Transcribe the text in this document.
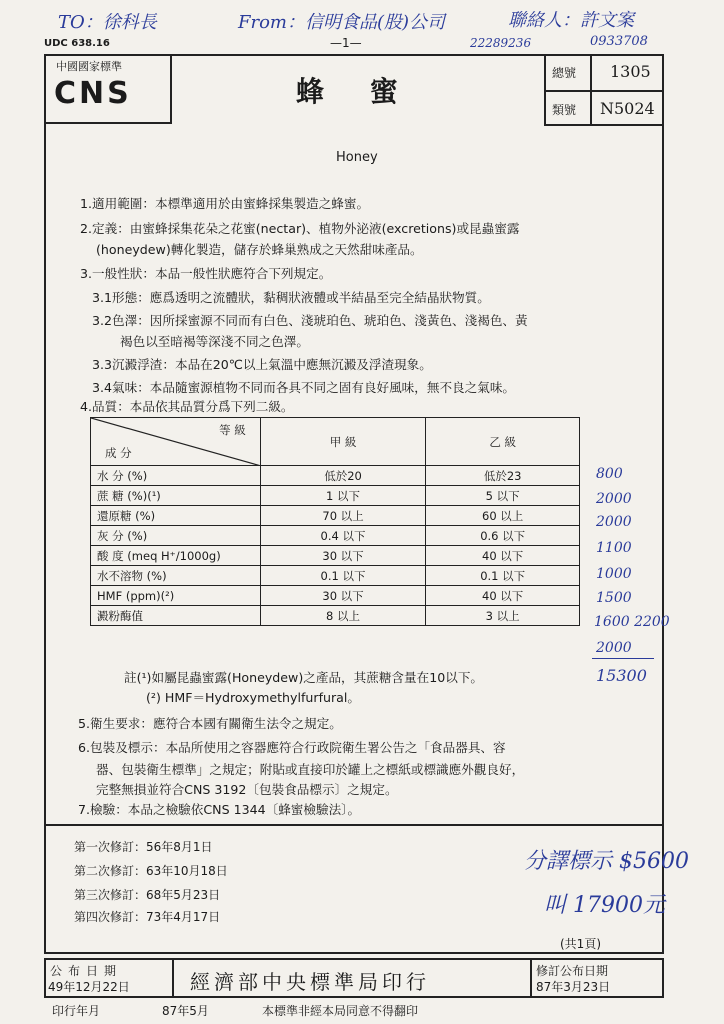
TO：徐科長	From：信明食品(股)公司	聯絡人：許文案
22289236	0933708
UDC 638.16	—1—
中國國家標準
CNS	蜂 蜜
總號 1305
類號 N5024
Honey
1.適用範圍：本標準適用於由蜜蜂採集製造之蜂蜜。
2.定義：由蜜蜂採集花朵之花蜜(nectar)、植物外泌液(excretions)或昆蟲蜜露
(honeydew)轉化製造，儲存於蜂巢熟成之天然甜味產品。
3.一般性狀：本品一般性狀應符合下列規定。
3.1形態：應爲透明之流體狀，黏稠狀液體或半結晶至完全結晶狀物質。
3.2色澤：因所採蜜源不同而有白色、淺琥珀色、琥珀色、淺黃色、淺褐色、黃
褐色以至暗褐等深淺不同之色澤。
3.3沉澱浮渣：本品在20℃以上氣溫中應無沉澱及浮渣現象。
3.4氣味：本品隨蜜源植物不同而各具不同之固有良好風味，無不良之氣味。
4.品質：本品依其品質分爲下列二級。
等 級
成 分	甲 級	乙 級
水 分 (%)	低於20	低於23
蔗 糖 (%)(¹)	1 以下	5 以下
還原糖 (%)	70 以上	60 以上
灰 分 (%)	0.4 以下	0.6 以下
酸 度 (meq H⁺/1000g)	30 以下	40 以下
水不溶物 (%)	0.1 以下	0.1 以下
HMF (ppm)(²)	30 以下	40 以下
澱粉酶值	8 以上	3 以上
800
2000
2000
1100
1000
1500
1600 2200
2000
15300
註(¹)如屬昆蟲蜜露(Honeydew)之產品，其蔗糖含量在10以下。
(²) HMF＝Hydroxymethylfurfural。
5.衛生要求：應符合本國有關衛生法令之規定。
6.包裝及標示：本品所使用之容器應符合行政院衛生署公告之「食品器具、容
器、包裝衛生標準」之規定；附貼或直接印於罐上之標紙或標識應外觀良好，
完整無損並符合CNS 3192〔包裝食品標示〕之規定。
7.檢驗：本品之檢驗依CNS 1344〔蜂蜜檢驗法〕。
第一次修訂：56年8月1日
第二次修訂：63年10月18日
第三次修訂：68年5月23日
第四次修訂：73年4月17日
分譯標示 $5600
叫 17900元
(共1頁)
公布日期
49年12月22日	經濟部中央標準局印行	修訂公布日期
87年3月23日
印行年月	87年5月	本標準非經本局同意不得翻印
